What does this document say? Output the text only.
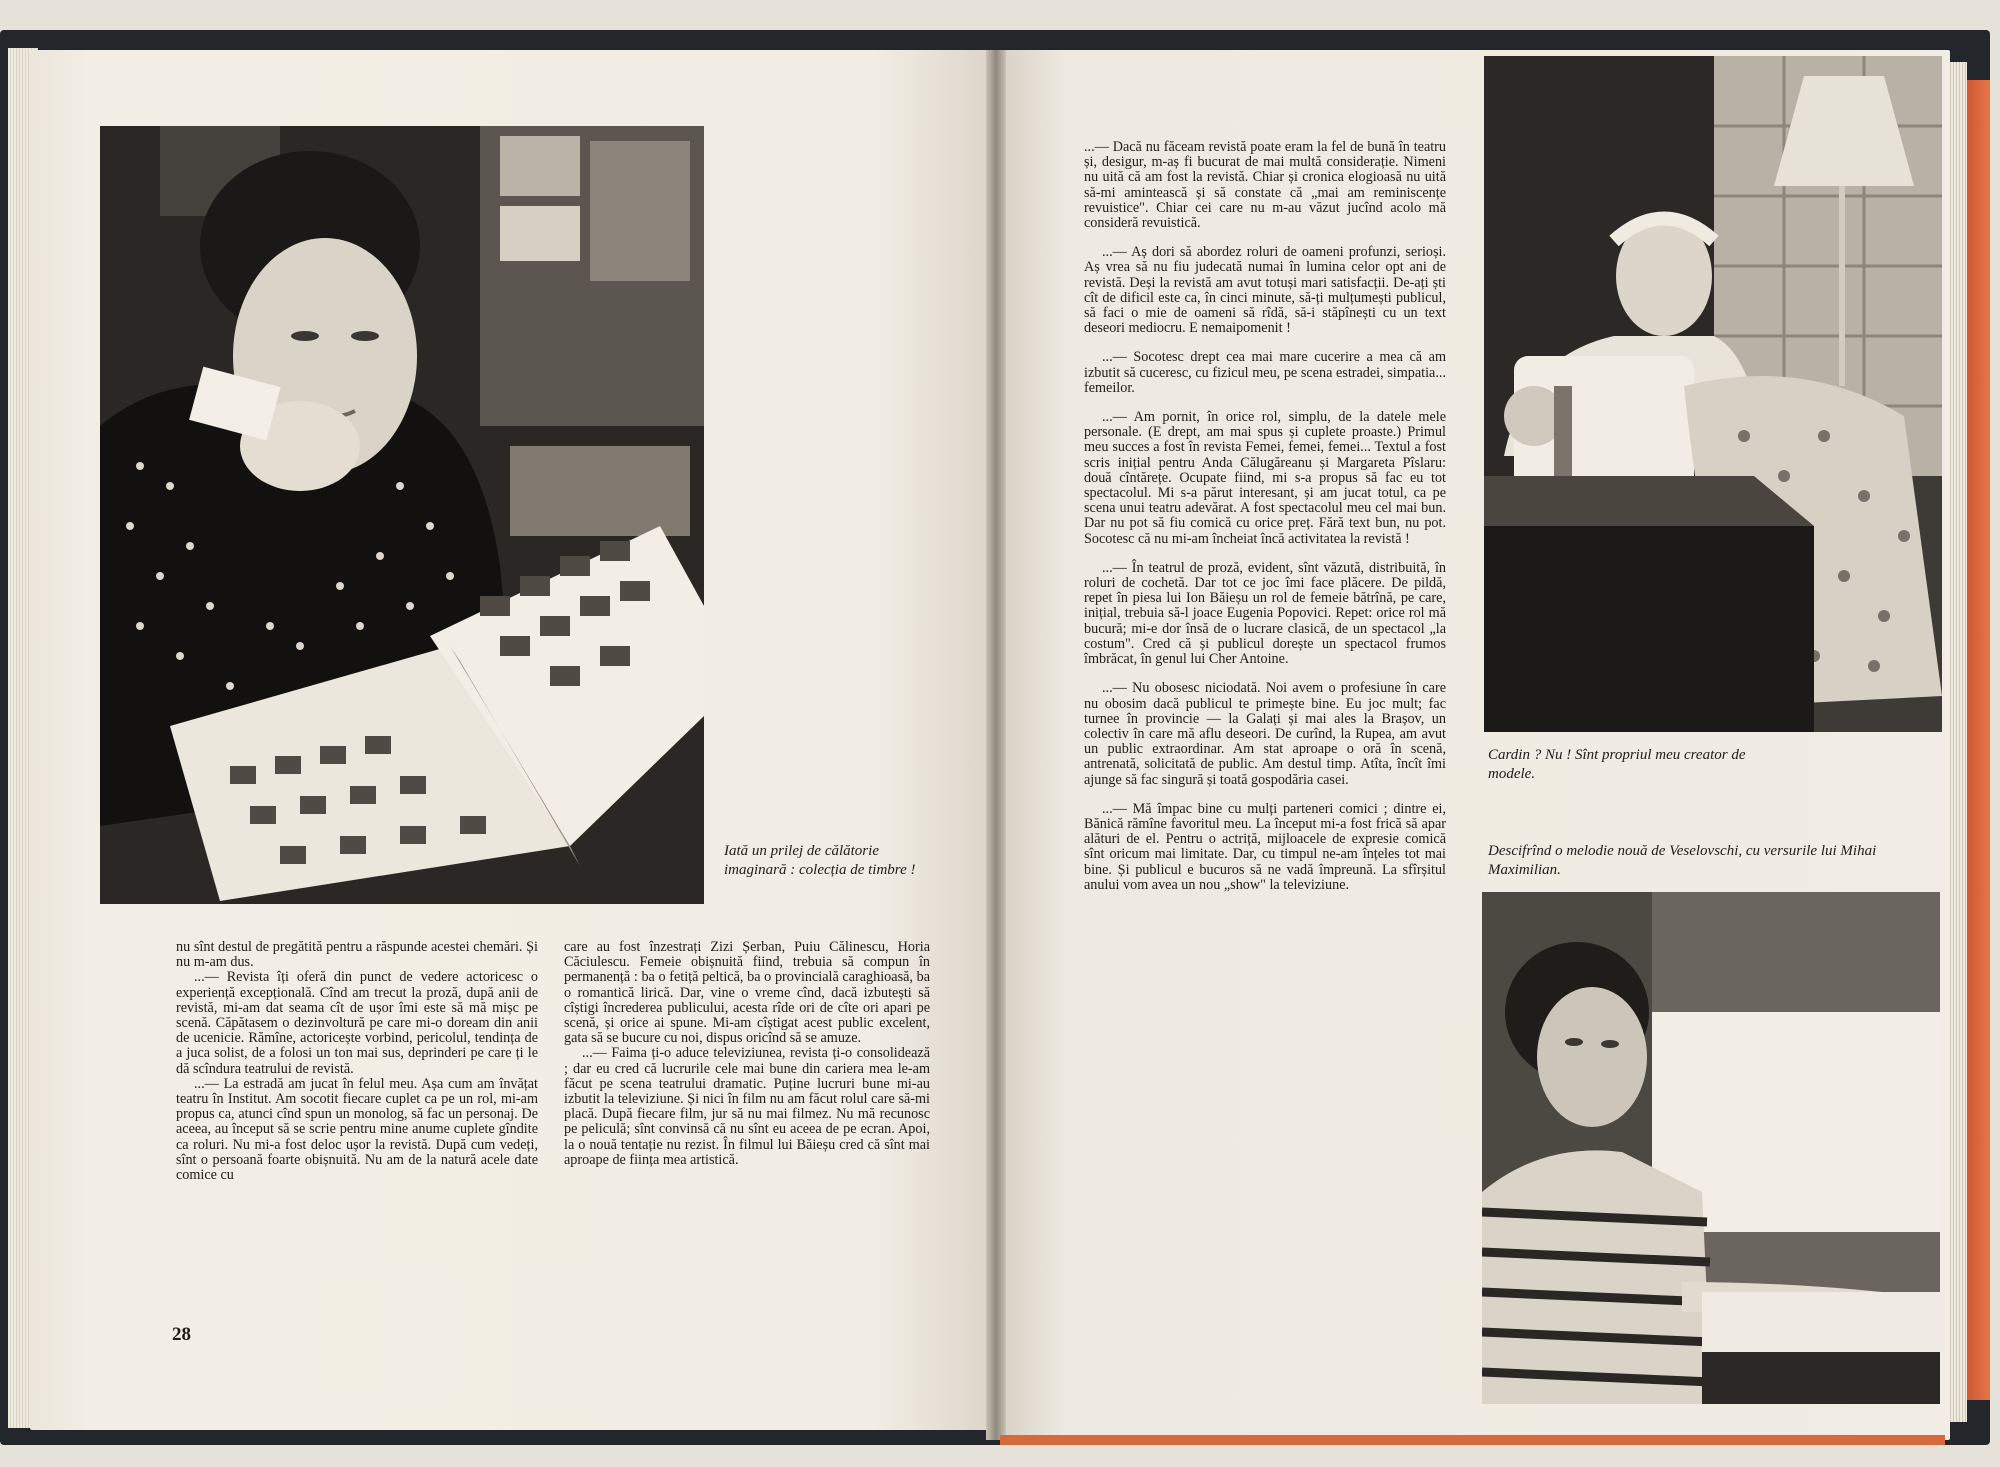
Iată un prilej de călătorie imaginară : colecția de timbre !

Cardin ? Nu ! Sînt propriul meu creator de modele.

Descifrînd o melodie nouă de Veselovschi, cu versurile lui Mihai Maximilian.

nu sînt destul de pregătită pentru a răspunde acestei chemări. Și nu m-am dus.

...— Revista îți oferă din punct de vedere actoricesc o experiență excepțională. Cînd am trecut la proză, după anii de revistă, mi-am dat seama cît de ușor îmi este să mă mișc pe scenă. Căpătasem o dezinvoltură pe care mi-o doream din anii de ucenicie. Rămîne, actoricește vorbind, pericolul, tendința de a juca solist, de a folosi un ton mai sus, deprinderi pe care ți le dă scîndura teatrului de revistă.

...— La estradă am jucat în felul meu. Așa cum am învățat teatru în Institut. Am socotit fiecare cuplet ca pe un rol, mi-am propus ca, atunci cînd spun un monolog, să fac un personaj. De aceea, au început să se scrie pentru mine anume cuplete gîndite ca roluri. Nu mi-a fost deloc ușor la revistă. După cum vedeți, sînt o persoană foarte obișnuită. Nu am de la natură acele date comice cu

care au fost înzestrați Zizi Șerban, Puiu Călinescu, Horia Căciulescu. Femeie obișnuită fiind, trebuia să compun în permanență : ba o fetiță peltică, ba o provincială caraghioasă, ba o romantică lirică. Dar, vine o vreme cînd, dacă izbutești să cîștigi încrederea publicului, acesta rîde ori de cîte ori apari pe scenă, și orice ai spune. Mi-am cîștigat acest public excelent, gata să se bucure cu noi, dispus oricînd să se amuze.

...— Faima ți-o aduce televiziunea, revista ți-o consolidează ; dar eu cred că lucrurile cele mai bune din cariera mea le-am făcut pe scena teatrului dramatic. Puține lucruri bune mi-au izbutit la televiziune. Și nici în film nu am făcut rolul care să-mi placă. După fiecare film, jur să nu mai filmez. Nu mă recunosc pe peliculă; sînt convinsă că nu sînt eu aceea de pe ecran. Apoi, la o nouă tentație nu rezist. În filmul lui Băieșu cred că sînt mai aproape de ființa mea artistică.

...— Dacă nu făceam revistă poate eram la fel de bună în teatru și, desigur, m-aș fi bucurat de mai multă considerație. Nimeni nu uită că am fost la revistă. Chiar și cronica elogioasă nu uită să-mi amintească și să constate că „mai am reminiscențe revuistice". Chiar cei care nu m-au văzut jucînd acolo mă consideră revuistică.

...— Aș dori să abordez roluri de oameni profunzi, serioși. Aș vrea să nu fiu judecată numai în lumina celor opt ani de revistă. Deși la revistă am avut totuși mari satisfacții. De-ați ști cît de dificil este ca, în cinci minute, să-ți mulțumești publicul, să faci o mie de oameni să rîdă, să-i stăpînești cu un text deseori mediocru. E nemaipomenit !

...— Socotesc drept cea mai mare cucerire a mea că am izbutit să cuceresc, cu fizicul meu, pe scena estradei, simpatia... femeilor.

...— Am pornit, în orice rol, simplu, de la datele mele personale. (E drept, am mai spus și cuplete proaste.) Primul meu succes a fost în revista Femei, femei, femei... Textul a fost scris inițial pentru Anda Călugăreanu și Margareta Pîslaru: două cîntărețe. Ocupate fiind, mi s-a propus să fac eu tot spectacolul. Mi s-a părut interesant, și am jucat totul, ca pe scena unui teatru adevărat. A fost spectacolul meu cel mai bun. Dar nu pot să fiu comică cu orice preț. Fără text bun, nu pot. Socotesc că nu mi-am încheiat încă activitatea la revistă !

...— În teatrul de proză, evident, sînt văzută, distribuită, în roluri de cochetă. Dar tot ce joc îmi face plăcere. De pildă, repet în piesa lui Ion Băieșu un rol de femeie bătrînă, pe care, inițial, trebuia să-l joace Eugenia Popovici. Repet: orice rol mă bucură; mi-e dor însă de o lucrare clasică, de un spectacol „la costum". Cred că și publicul dorește un spectacol frumos îmbrăcat, în genul lui Cher Antoine.

...— Nu obosesc niciodată. Noi avem o profesiune în care nu obosim dacă publicul te primește bine. Eu joc mult; fac turnee în provincie — la Galați și mai ales la Brașov, un colectiv în care mă aflu deseori. De curînd, la Rupea, am avut un public extraordinar. Am stat aproape o oră în scenă, antrenată, solicitată de public. Am destul timp. Atîta, încît îmi ajunge să fac singură și toată gospodăria casei.

...— Mă împac bine cu mulți parteneri comici ; dintre ei, Bănică rămîne favoritul meu. La început mi-a fost frică să apar alături de el. Pentru o actriță, mijloacele de expresie comică sînt oricum mai limitate. Dar, cu timpul ne-am înțeles tot mai bine. Și publicul e bucuros să ne vadă împreună. La sfîrșitul anului vom avea un nou „show" la televiziune.

28
